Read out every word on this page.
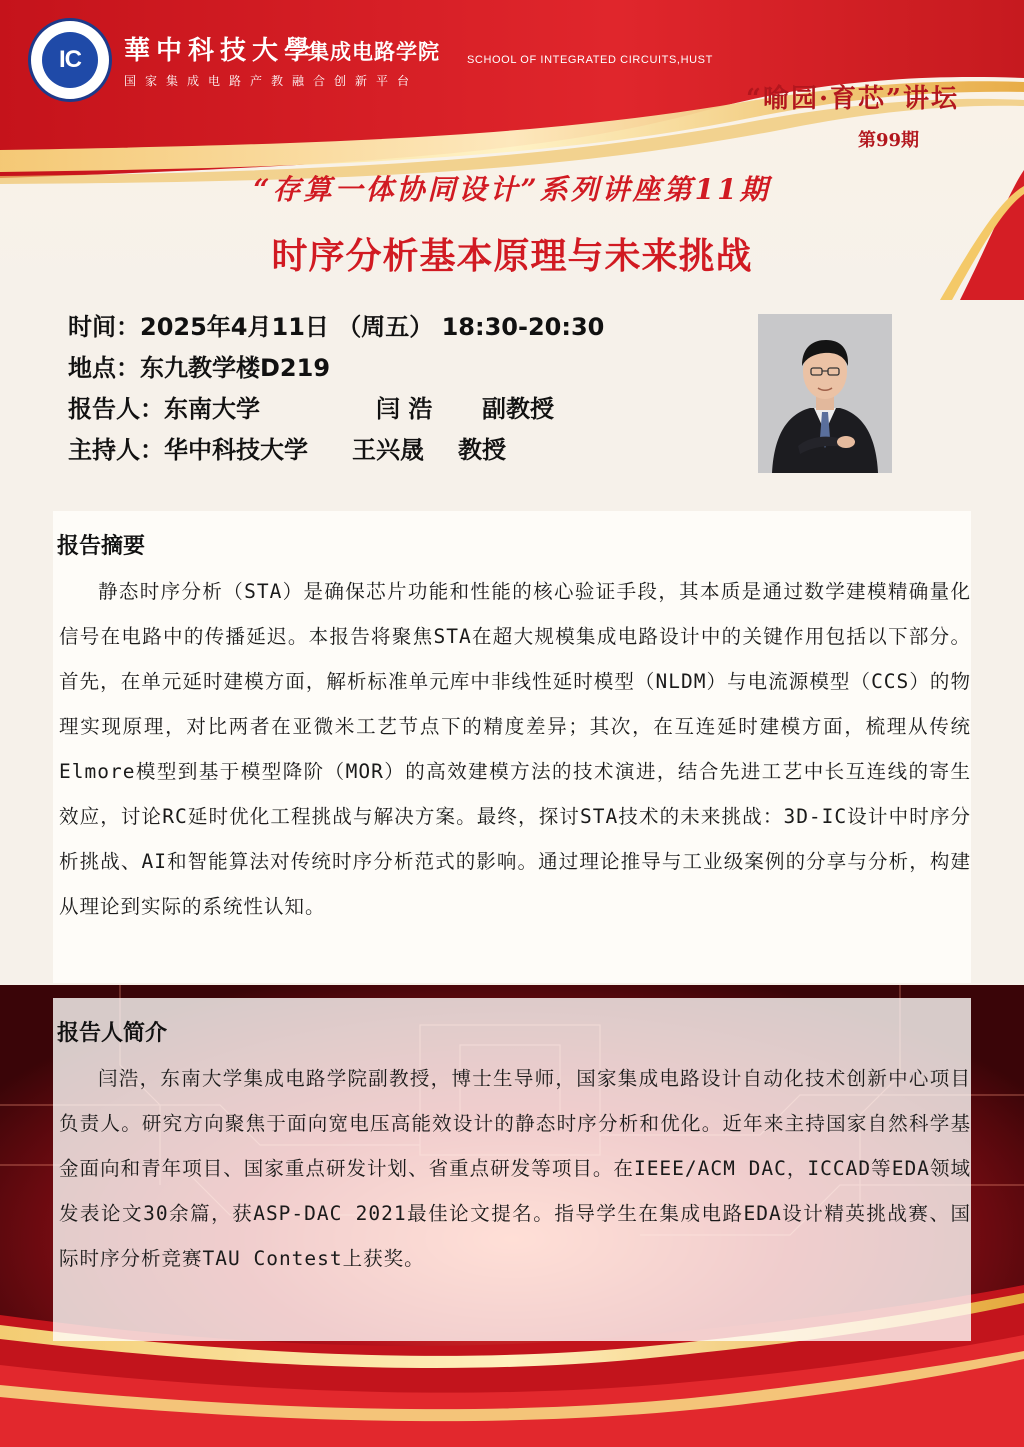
IC	華中科技大學
集成电路学院 SCHOOL OF INTEGRATED CIRCUITS,HUST
国家集成电路产教融合创新平台
“喻园·育芯”讲坛
第99期
“存算一体协同设计”系列讲座第11期
时序分析基本原理与未来挑战
时间：2025年4月11日 （周五） 18:30-20:30
地点：东九教学楼D219
报告人：东南大学	闫 浩 副教授
主持人：华中科技大学 王兴晟 教授
报告摘要
静态时序分析（STA）是确保芯片功能和性能的核心验证手段，其本质是通过数学建模精确量化信号在电路中的传播延迟。本报告将聚焦STA在超大规模集成电路设计中的关键作用包括以下部分。首先，在单元延时建模方面，解析标准单元库中非线性延时模型（NLDM）与电流源模型（CCS）的物理实现原理，对比两者在亚微米工艺节点下的精度差异；其次，在互连延时建模方面，梳理从传统Elmore模型到基于模型降阶（MOR）的高效建模方法的技术演进，结合先进工艺中长互连线的寄生效应，讨论RC延时优化工程挑战与解决方案。最终，探讨STA技术的未来挑战：3D-IC设计中时序分析挑战、AI和智能算法对传统时序分析范式的影响。通过理论推导与工业级案例的分享与分析，构建从理论到实际的系统性认知。
报告人简介
闫浩，东南大学集成电路学院副教授，博士生导师，国家集成电路设计自动化技术创新中心项目负责人。研究方向聚焦于面向宽电压高能效设计的静态时序分析和优化。近年来主持国家自然科学基金面向和青年项目、国家重点研发计划、省重点研发等项目。在IEEE/ACM DAC，ICCAD等EDA领域发表论文30余篇，获ASP-DAC 2021最佳论文提名。指导学生在集成电路EDA设计精英挑战赛、国际时序分析竞赛TAU Contest上获奖。
